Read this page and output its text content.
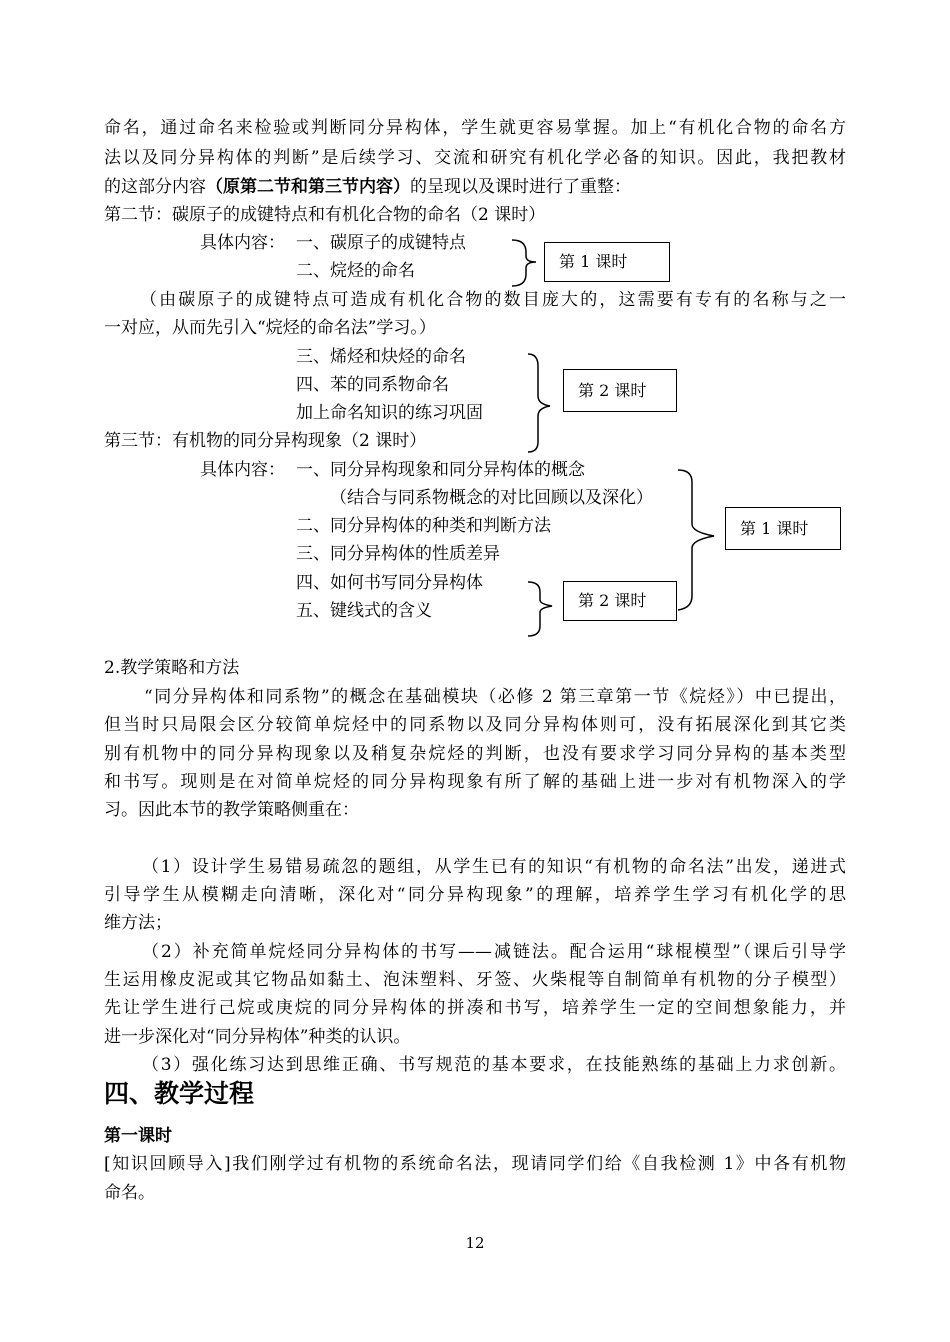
命名，通过命名来检验或判断同分异构体，学生就更容易掌握。加上“有机化合物的命名方
法以及同分异构体的判断”是后续学习、交流和研究有机化学必备的知识。因此，我把教材
的这部分内容（原第二节和第三节内容）的呈现以及课时进行了重整：
第二节：碳原子的成键特点和有机化合物的命名（2 课时）
具体内容： 一、碳原子的成键特点
二、烷烃的命名	第 1 课时
（由碳原子的成键特点可造成有机化合物的数目庞大的，这需要有专有的名称与之一
一对应，从而先引入“烷烃的命名法”学习。）
三、烯烃和炔烃的命名
四、苯的同系物命名
加上命名知识的练习巩固
第 2 课时
第三节：有机物的同分异构现象（2 课时）
具体内容： 一、同分异构现象和同分异构体的概念
（结合与同系物概念的对比回顾以及深化）
二、同分异构体的种类和判断方法
三、同分异构体的性质差异
四、如何书写同分异构体
五、键线式的含义
第 1 课时
第 2 课时
2.教学策略和方法
“同分异构体和同系物”的概念在基础模块（必修 2 第三章第一节《烷烃》）中已提出，
但当时只局限会区分较简单烷烃中的同系物以及同分异构体则可，没有拓展深化到其它类
别有机物中的同分异构现象以及稍复杂烷烃的判断，也没有要求学习同分异构的基本类型
和书写。现则是在对简单烷烃的同分异构现象有所了解的基础上进一步对有机物深入的学
习。因此本节的教学策略侧重在：
（1）设计学生易错易疏忽的题组，从学生已有的知识“有机物的命名法”出发，递进式
引导学生从模糊走向清晰，深化对“同分异构现象”的理解，培养学生学习有机化学的思
维方法；
（2）补充简单烷烃同分异构体的书写——减链法。配合运用“球棍模型”（课后引导学
生运用橡皮泥或其它物品如黏土、泡沫塑料、牙签、火柴棍等自制简单有机物的分子模型）
先让学生进行己烷或庚烷的同分异构体的拼凑和书写，培养学生一定的空间想象能力，并
进一步深化对“同分异构体”种类的认识。
（3）强化练习达到思维正确、书写规范的基本要求，在技能熟练的基础上力求创新。
四、教学过程
第一课时
[知识回顾导入]我们刚学过有机物的系统命名法，现请同学们给《自我检测 1》中各有机物
命名。
12
